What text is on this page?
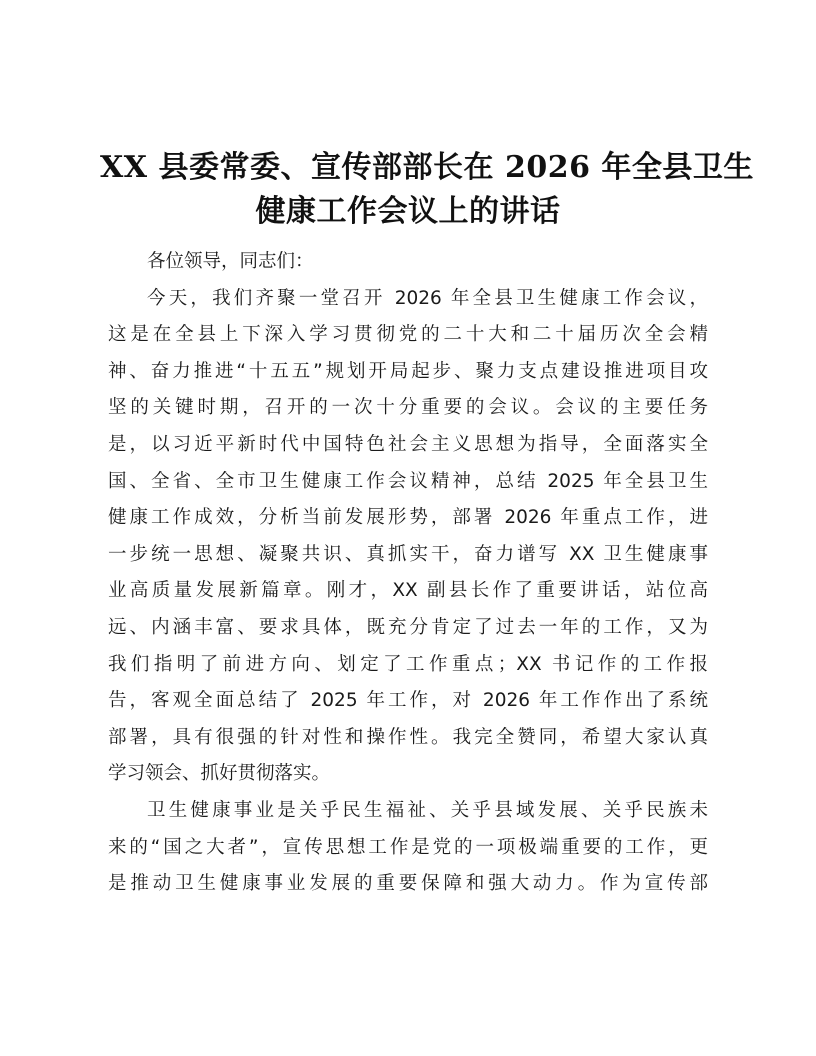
XX 县委常委、宣传部部长在 2026 年全县卫生
健康工作会议上的讲话
各位领导，同志们：
今天，我们齐聚一堂召开 2026 年全县卫生健康工作会议，
这是在全县上下深入学习贯彻党的二十大和二十届历次全会精
神、奋力推进“十五五”规划开局起步、聚力支点建设推进项目攻
坚的关键时期，召开的一次十分重要的会议。会议的主要任务
是，以习近平新时代中国特色社会主义思想为指导，全面落实全
国、全省、全市卫生健康工作会议精神，总结 2025 年全县卫生
健康工作成效，分析当前发展形势，部署 2026 年重点工作，进
一步统一思想、凝聚共识、真抓实干，奋力谱写 XX 卫生健康事
业高质量发展新篇章。刚才，XX 副县长作了重要讲话，站位高
远、内涵丰富、要求具体，既充分肯定了过去一年的工作，又为
我们指明了前进方向、划定了工作重点；XX 书记作的工作报
告，客观全面总结了 2025 年工作，对 2026 年工作作出了系统
部署，具有很强的针对性和操作性。我完全赞同，希望大家认真
学习领会、抓好贯彻落实。
卫生健康事业是关乎民生福祉、关乎县域发展、关乎民族未
来的“国之大者”，宣传思想工作是党的一项极端重要的工作，更
是推动卫生健康事业发展的重要保障和强大动力。作为宣传部
